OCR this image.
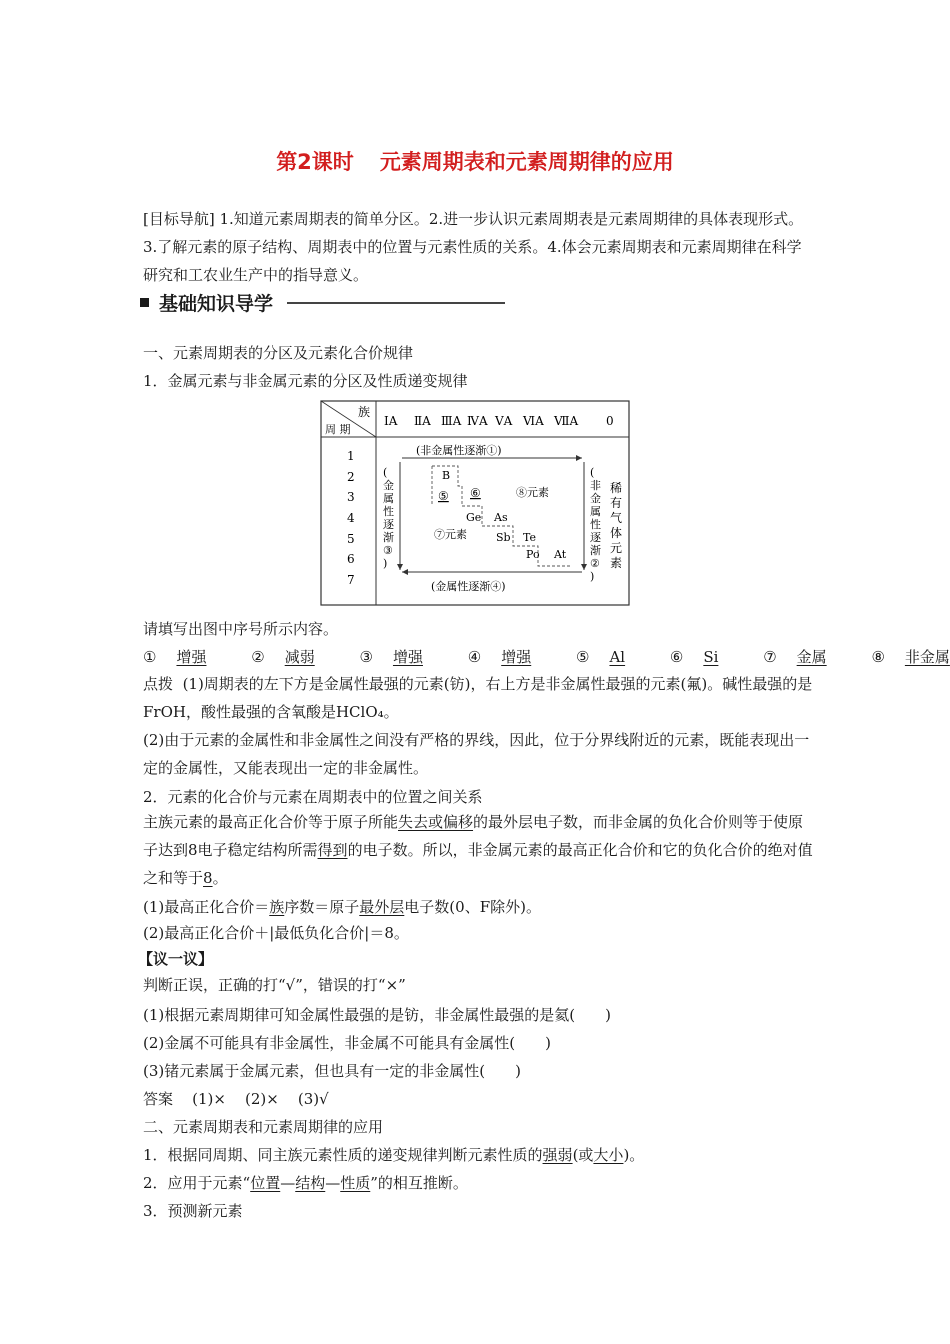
第2课时 元素周期表和元素周期律的应用
[目标导航] 1.知道元素周期表的简单分区。2.进一步认识元素周期表是元素周期律的具体表现形式。3.了解元素的原子结构、周期表中的位置与元素性质的关系。4.体会元素周期表和元素周期律在科学研究和工农业生产中的指导意义。
基础知识导学
一、元素周期表的分区及元素化合价规律
1．金属元素与非金属元素的分区及性质递变规律
族
周 期
ⅠA ⅡA ⅢA ⅣA ⅤA ⅥA ⅦA 0
1
2
3
4
5
6
7
(非金属性逐渐①)
(金属性逐渐④)
(
金
属
性
逐
渐
③
)
(
非
金
属
性
逐
渐
②
)
稀
有
气
体
元
素
B
⑤ ⑥	⑧元素
Ge As
⑦元素	Sb Te
Po At
请填写出图中序号所示内容。
① 增强	② 减弱	③ 增强	④ 增强	⑤ Al	⑥ Si	⑦ 金属	⑧ 非金属
点拨 (1)周期表的左下方是金属性最强的元素(钫)，右上方是非金属性最强的元素(氟)。碱性最强的是FrOH，酸性最强的含氧酸是HClO₄。
(2)由于元素的金属性和非金属性之间没有严格的界线，因此，位于分界线附近的元素，既能表现出一定的金属性，又能表现出一定的非金属性。
2．元素的化合价与元素在周期表中的位置之间关系
主族元素的最高正化合价等于原子所能失去或偏移的最外层电子数，而非金属的负化合价则等于使原子达到8电子稳定结构所需得到的电子数。所以，非金属元素的最高正化合价和它的负化合价的绝对值之和等于8。
(1)最高正化合价＝族序数＝原子最外层电子数(0、F除外)。
(2)最高正化合价＋|最低负化合价|＝8。
【议一议】
判断正误，正确的打“√”，错误的打“×”
(1)根据元素周期律可知金属性最强的是钫，非金属性最强的是氦(　　)
(2)金属不可能具有非金属性，非金属不可能具有金属性(　　)
(3)锗元素属于金属元素，但也具有一定的非金属性(　　)
答案 (1)× (2)× (3)√
二、元素周期表和元素周期律的应用
1．根据同周期、同主族元素性质的递变规律判断元素性质的强弱(或大小)。
2．应用于元素“位置—结构—性质”的相互推断。
3．预测新元素
